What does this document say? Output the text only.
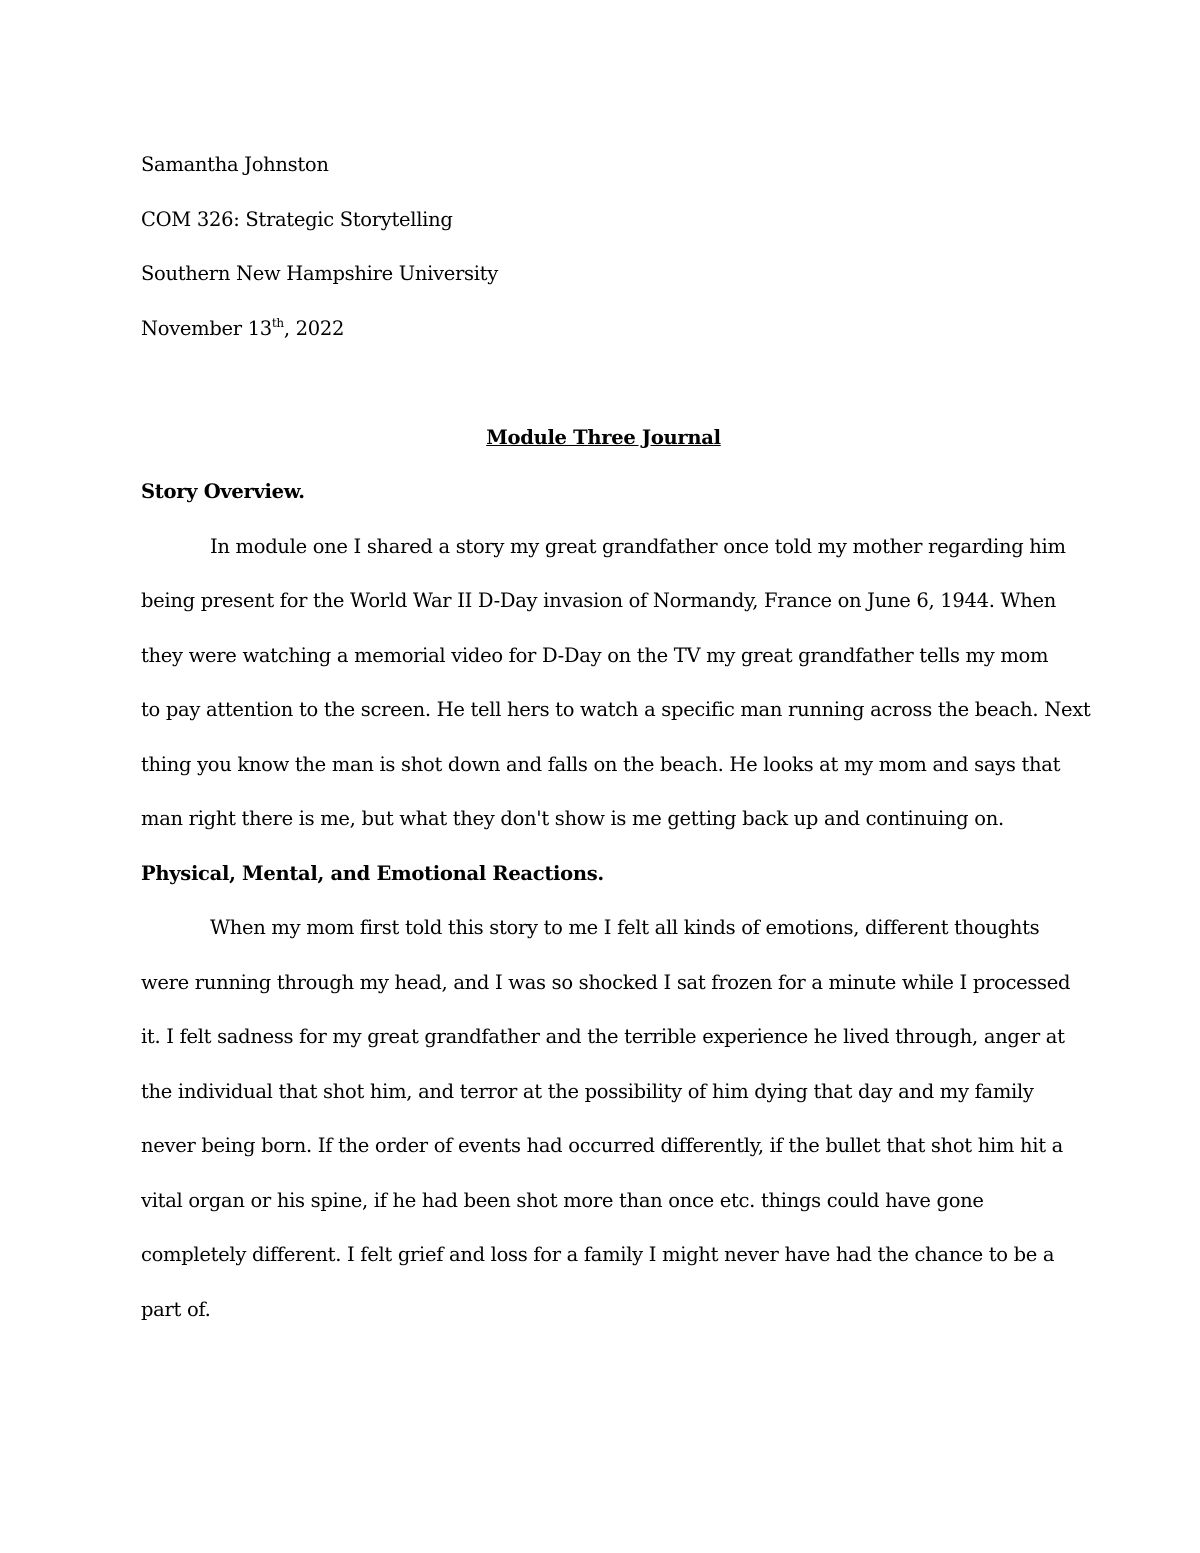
Samantha Johnston
COM 326: Strategic Storytelling
Southern New Hampshire University
November 13th, 2022
Module Three Journal
Story Overview.
In module one I shared a story my great grandfather once told my mother regarding him
being present for the World War II D-Day invasion of Normandy, France on June 6, 1944. When
they were watching a memorial video for D-Day on the TV my great grandfather tells my mom
to pay attention to the screen. He tell hers to watch a specific man running across the beach. Next
thing you know the man is shot down and falls on the beach. He looks at my mom and says that
man right there is me, but what they don't show is me getting back up and continuing on.
Physical, Mental, and Emotional Reactions.
When my mom first told this story to me I felt all kinds of emotions, different thoughts
were running through my head, and I was so shocked I sat frozen for a minute while I processed
it. I felt sadness for my great grandfather and the terrible experience he lived through, anger at
the individual that shot him, and terror at the possibility of him dying that day and my family
never being born. If the order of events had occurred differently, if the bullet that shot him hit a
vital organ or his spine, if he had been shot more than once etc. things could have gone
completely different. I felt grief and loss for a family I might never have had the chance to be a
part of.
